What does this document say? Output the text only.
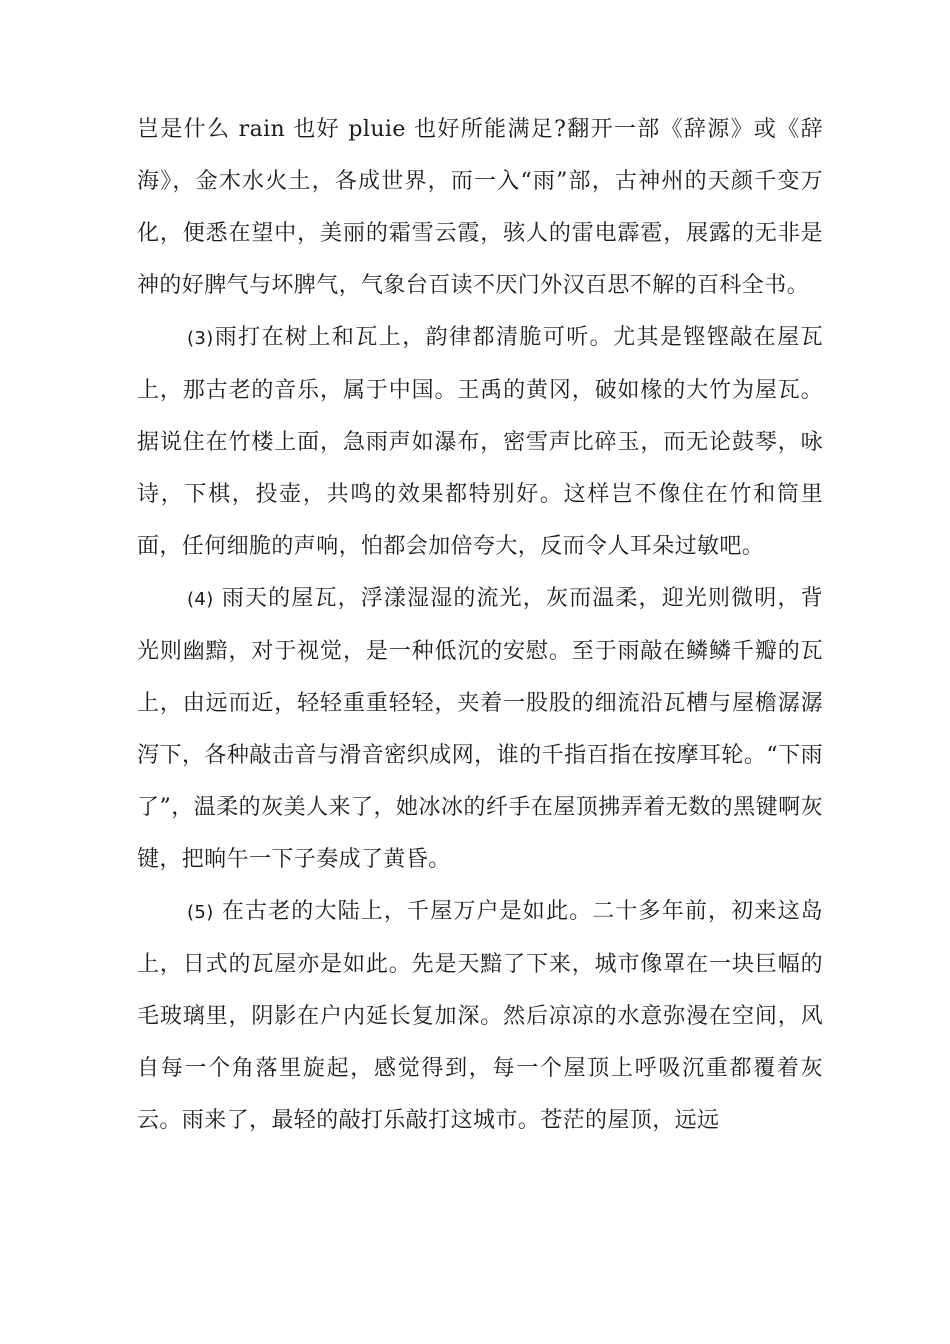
岂是什么 rain 也好 pluie 也好所能满足?翻开一部《辞源》或《辞海》，金木水火土，各成世界，而一入“雨”部，古神州的天颜千变万化，便悉在望中，美丽的霜雪云霞，骇人的雷电霹雹，展露的无非是神的好脾气与坏脾气，气象台百读不厌门外汉百思不解的百科全书。

(3)雨打在树上和瓦上，韵律都清脆可听。尤其是铿铿敲在屋瓦上，那古老的音乐，属于中国。王禹的黄冈，破如椽的大竹为屋瓦。据说住在竹楼上面，急雨声如瀑布，密雪声比碎玉，而无论鼓琴，咏诗，下棋，投壶，共鸣的效果都特别好。这样岂不像住在竹和筒里面，任何细脆的声响，怕都会加倍夸大，反而令人耳朵过敏吧。

(4) 雨天的屋瓦，浮漾湿湿的流光，灰而温柔，迎光则微明，背光则幽黯，对于视觉，是一种低沉的安慰。至于雨敲在鳞鳞千瓣的瓦上，由远而近，轻轻重重轻轻，夹着一股股的细流沿瓦槽与屋檐潺潺泻下，各种敲击音与滑音密织成网，谁的千指百指在按摩耳轮。“下雨了”，温柔的灰美人来了，她冰冰的纤手在屋顶拂弄着无数的黑键啊灰键，把晌午一下子奏成了黄昏。

(5) 在古老的大陆上，千屋万户是如此。二十多年前，初来这岛上，日式的瓦屋亦是如此。先是天黯了下来，城市像罩在一块巨幅的毛玻璃里，阴影在户内延长复加深。然后凉凉的水意弥漫在空间，风自每一个角落里旋起，感觉得到，每一个屋顶上呼吸沉重都覆着灰云。雨来了，最轻的敲打乐敲打这城市。苍茫的屋顶，远远
